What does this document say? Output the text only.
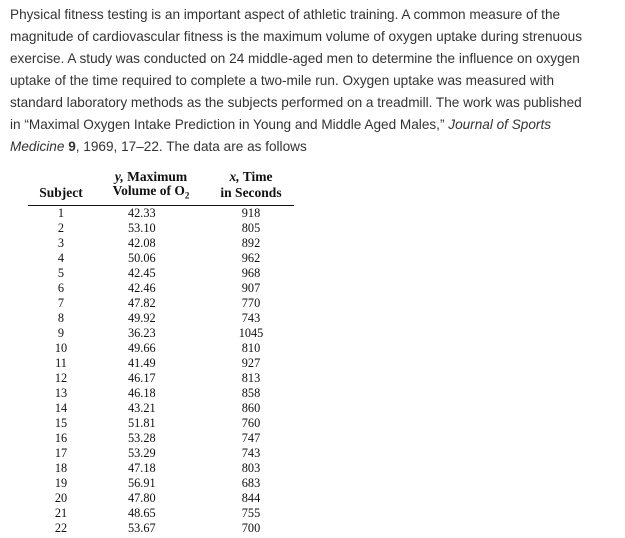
Physical fitness testing is an important aspect of athletic training. A common measure of the
magnitude of cardiovascular fitness is the maximum volume of oxygen uptake during strenuous
exercise. A study was conducted on 24 middle-aged men to determine the influence on oxygen
uptake of the time required to complete a two-mile run. Oxygen uptake was measured with
standard laboratory methods as the subjects performed on a treadmill. The work was published
in “Maximal Oxygen Intake Prediction in Young and Middle Aged Males,” Journal of Sports
Medicine 9, 1969, 17–22. The data are as follows
	y, Maximum	x, Time
Subject	Volume of $O_2$	in Seconds
1	42.33	918
2	53.10	805
3	42.08	892
4	50.06	962
5	42.45	968
6	42.46	907
7	47.82	770
8	49.92	743
9	36.23	1045
10	49.66	810
11	41.49	927
12	46.17	813
13	46.18	858
14	43.21	860
15	51.81	760
16	53.28	747
17	53.29	743
18	47.18	803
19	56.91	683
20	47.80	844
21	48.65	755
22	53.67	700
